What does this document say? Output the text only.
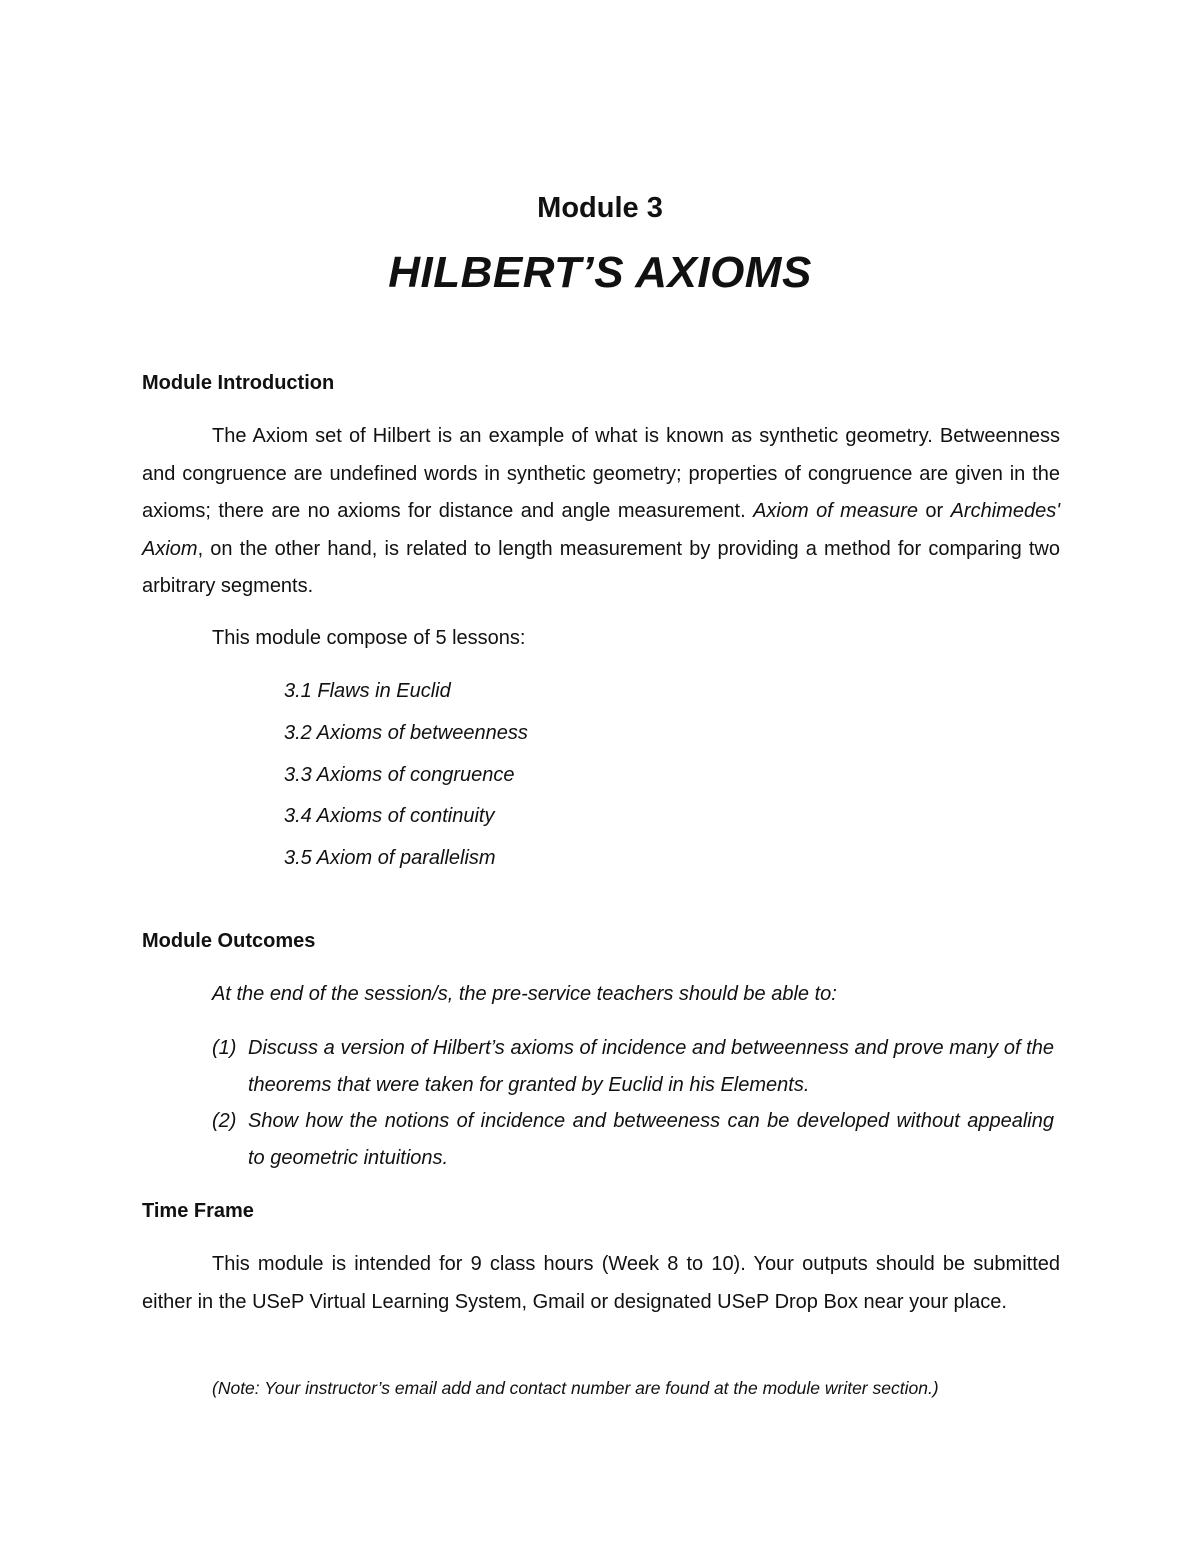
Module 3
HILBERT’S AXIOMS
Module Introduction
The Axiom set of Hilbert is an example of what is known as synthetic geometry. Betweenness and congruence are undefined words in synthetic geometry; properties of congruence are given in the axioms; there are no axioms for distance and angle measurement. Axiom of measure or Archimedes' Axiom, on the other hand, is related to length measurement by providing a method for comparing two arbitrary segments.
This module compose of 5 lessons:
3.1 Flaws in Euclid
3.2 Axioms of betweenness
3.3 Axioms of congruence
3.4 Axioms of continuity
3.5 Axiom of parallelism
Module Outcomes
At the end of the session/s, the pre-service teachers should be able to:
(1) Discuss a version of Hilbert’s axioms of incidence and betweenness and prove many of the theorems that were taken for granted by Euclid in his Elements.
(2) Show how the notions of incidence and betweeness can be developed without appealing to geometric intuitions.
Time Frame
This module is intended for 9 class hours (Week 8 to 10). Your outputs should be submitted either in the USeP Virtual Learning System, Gmail or designated USeP Drop Box near your place.
(Note: Your instructor’s email add and contact number are found at the module writer section.)
